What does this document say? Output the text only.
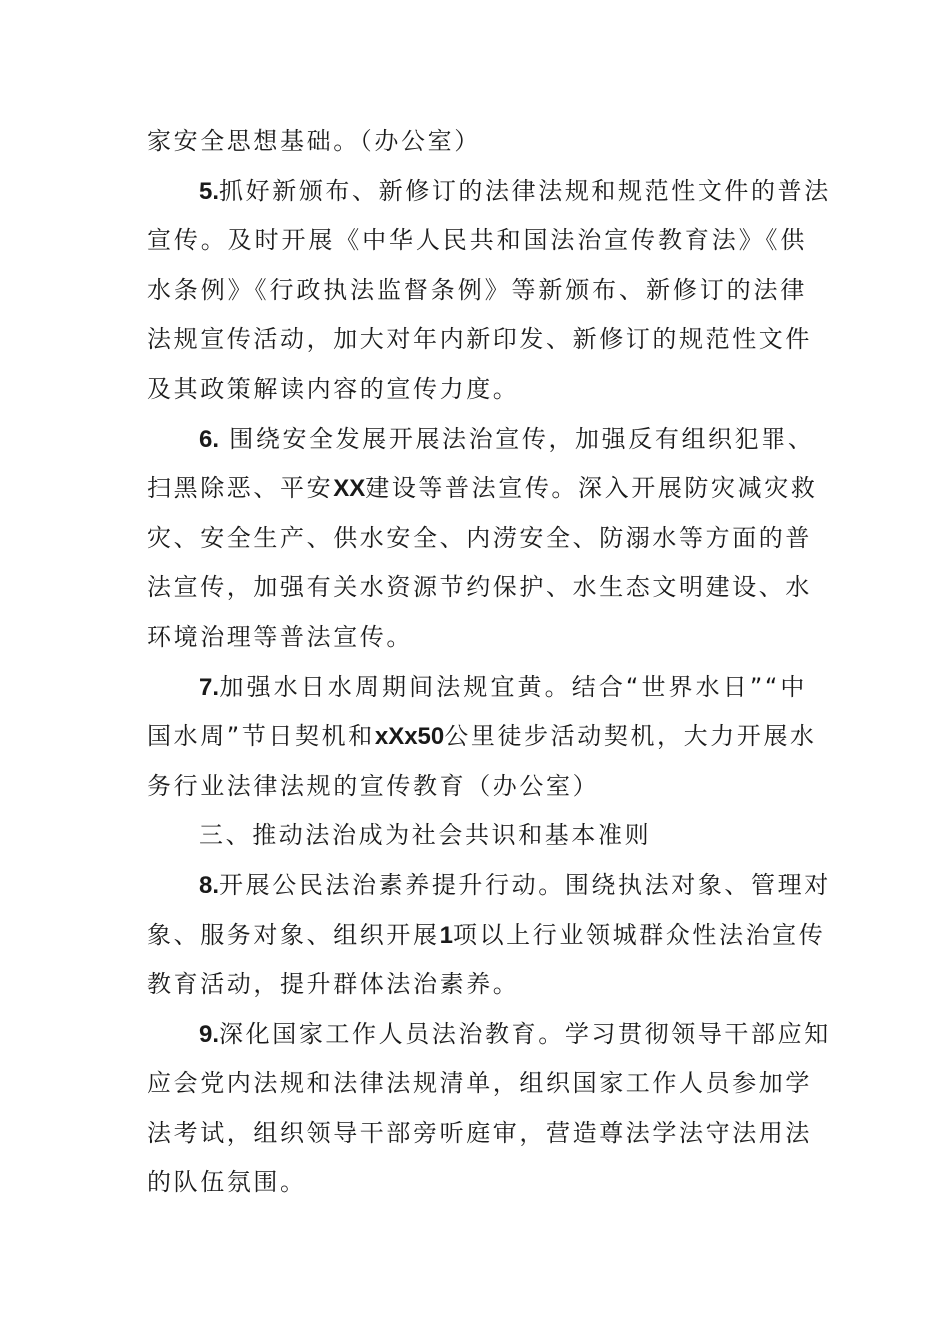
家安全思想基础。（办公室）
5.抓好新颁布、新修订的法律法规和规范性文件的普法
宣传。及时开展《中华人民共和国法治宣传教育法》《供
水条例》《行政执法监督条例》等新颁布、新修订的法律
法规宣传活动，加大对年内新印发、新修订的规范性文件
及其政策解读内容的宣传力度。
6. 围绕安全发展开展法治宣传，加强反有组织犯罪、
扫黑除恶、平安XX建设等普法宣传。深入开展防灾减灾救
灾、安全生产、供水安全、内涝安全、防溺水等方面的普
法宣传，加强有关水资源节约保护、水生态文明建设、水
环境治理等普法宣传。
7.加强水日水周期间法规宜黄。结合“世界水日”“中
国水周”节日契机和xXx50公里徒步活动契机，大力开展水
务行业法律法规的宣传教育（办公室）
三、推动法治成为社会共识和基本准则
8.开展公民法治素养提升行动。围绕执法对象、管理对
象、服务对象、组织开展1项以上行业领城群众性法治宣传
教育活动，提升群体法治素养。
9.深化国家工作人员法治教育。学习贯彻领导干部应知
应会党内法规和法律法规清单，组织国家工作人员参加学
法考试，组织领导干部旁听庭审，营造尊法学法守法用法
的队伍氛围。
